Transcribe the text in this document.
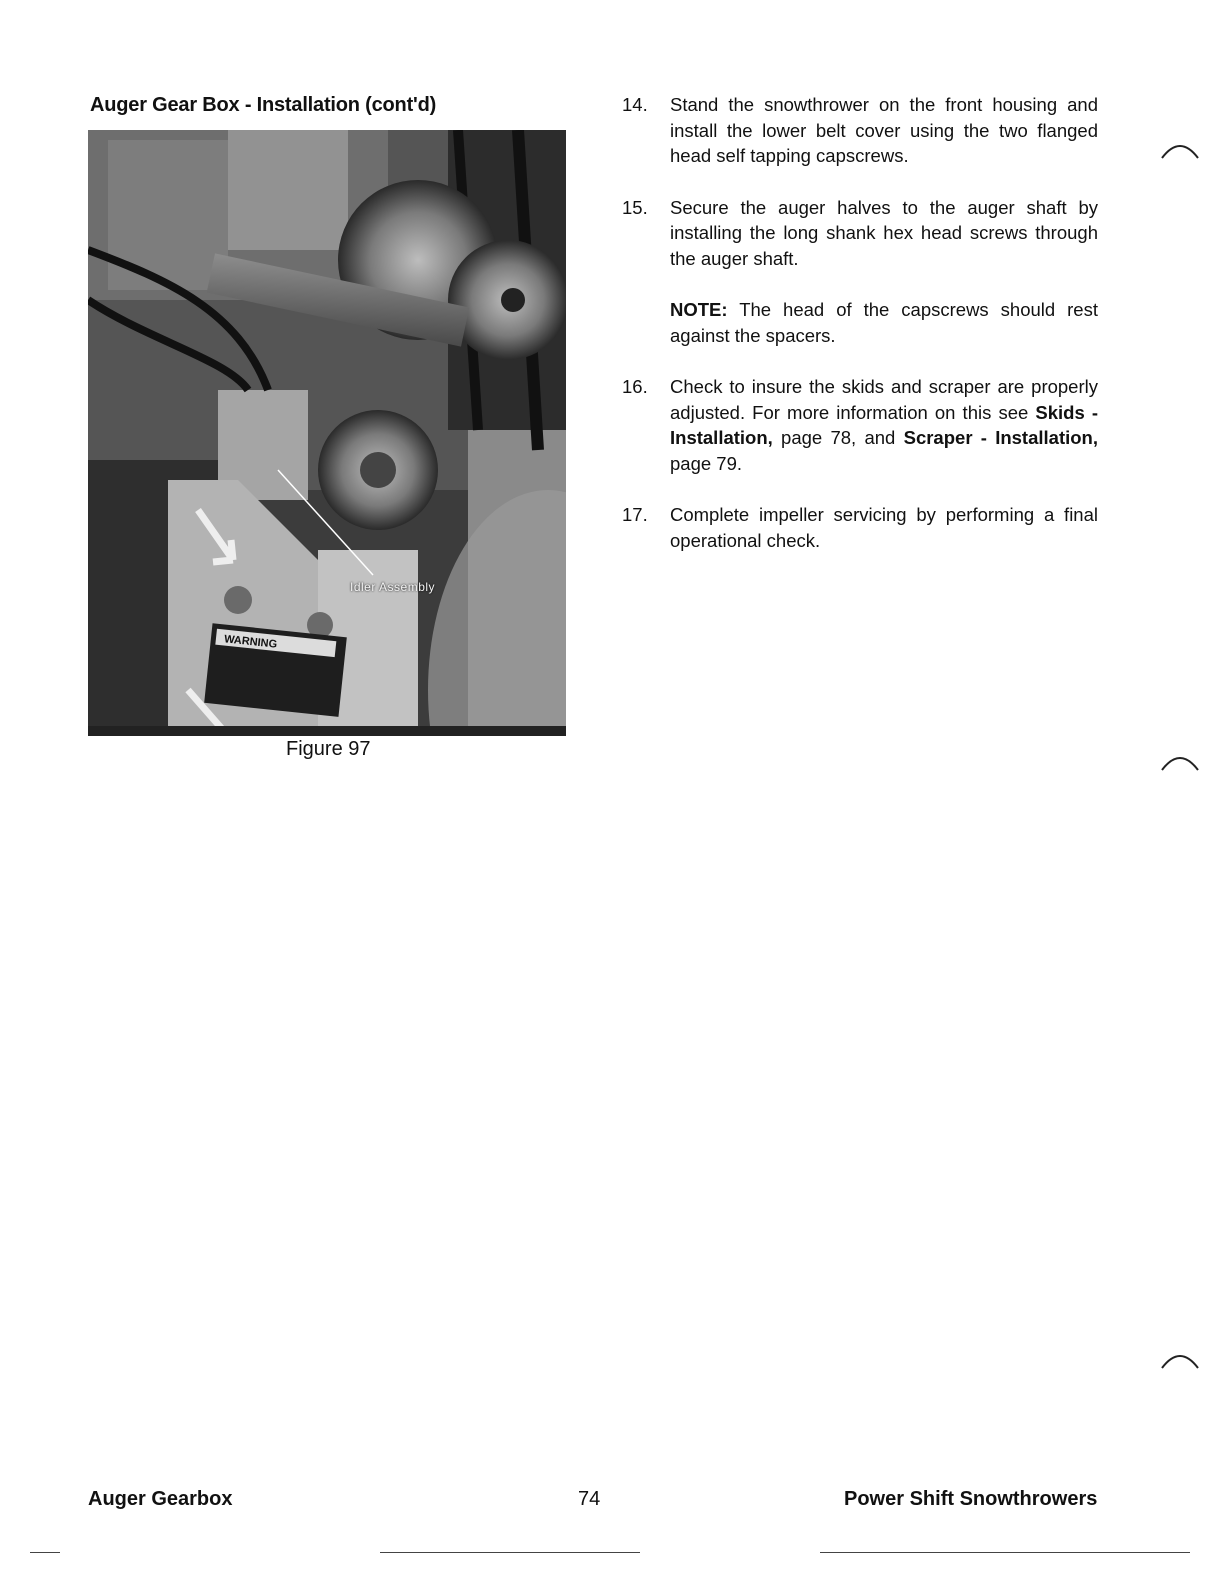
Auger Gear Box - Installation (cont'd)
Idler Assembly
WARNING
Figure 97
14.	Stand the snowthrower on the front housing and install the lower belt cover using the two flanged head self tapping capscrews.
15.	Secure the auger halves to the auger shaft by installing the long shank hex head screws through the auger shaft.
NOTE: The head of the capscrews should rest against the spacers.
16.	Check to insure the skids and scraper are properly adjusted. For more information on this see Skids - Installation, page 78, and Scraper - Installation, page 79.
17.	Complete impeller servicing by performing a final operational check.
Auger Gearbox	74	Power Shift Snowthrowers
